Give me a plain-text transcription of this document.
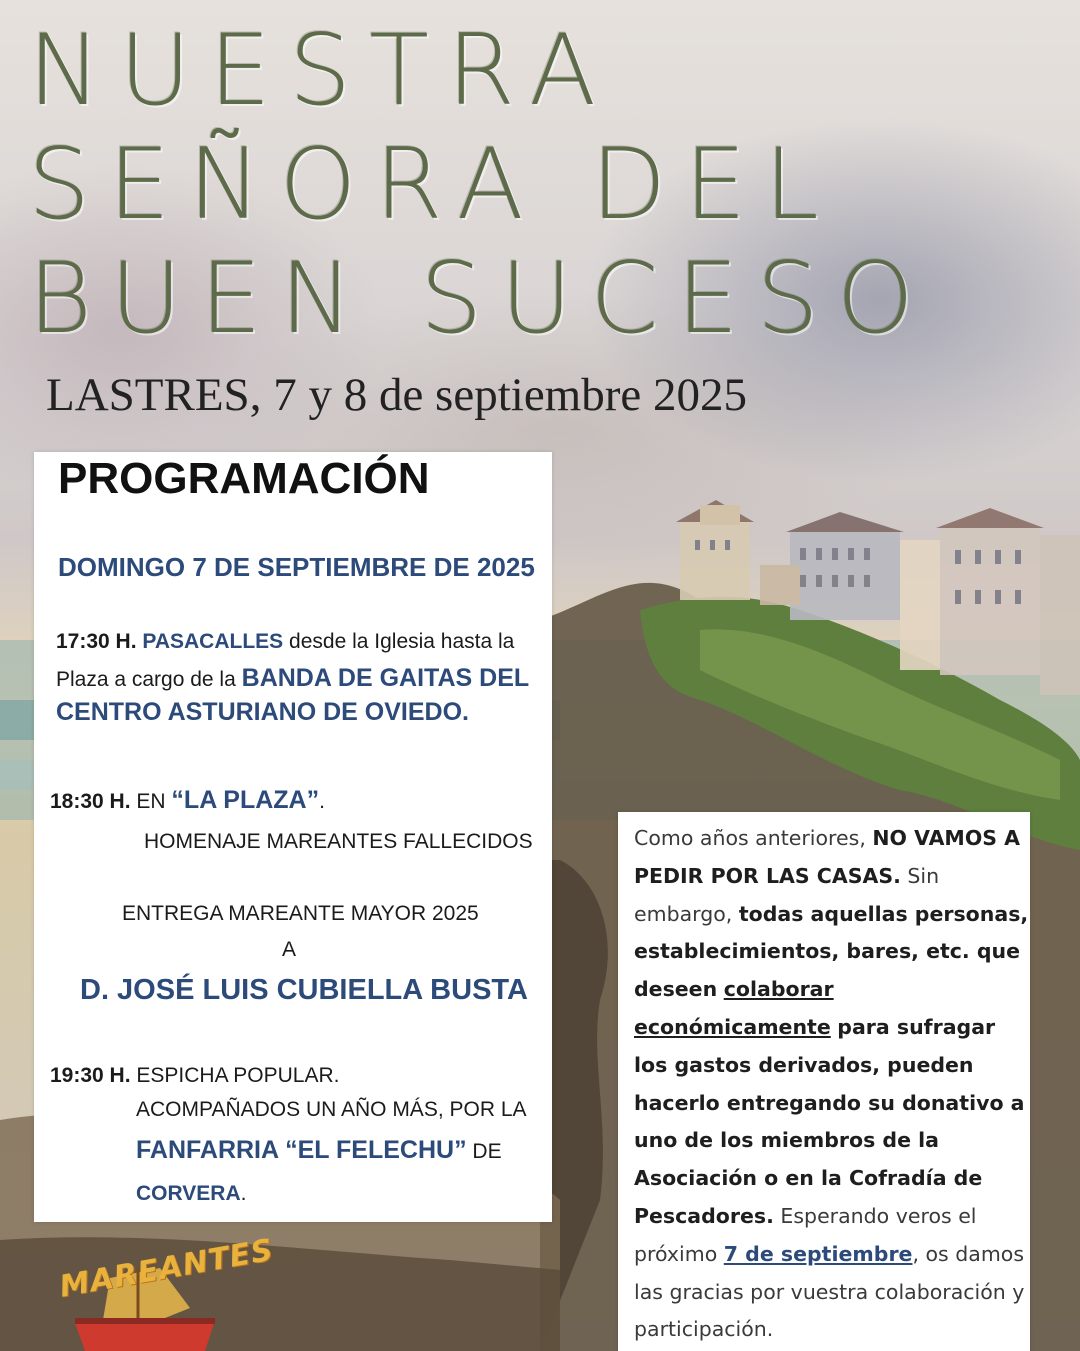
NUESTRA
SEÑORA DEL
BUEN SUCESO

LASTRES, 7 y 8 de septiembre 2025

PROGRAMACIÓN
DOMINGO 7 DE SEPTIEMBRE DE 2025

17:30 H. PASACALLES desde la Iglesia hasta la

Plaza a cargo de la BANDA DE GAITAS DEL

CENTRO ASTURIANO DE OVIEDO.

18:30 H. EN “LA PLAZA”.

HOMENAJE MAREANTES FALLECIDOS

ENTREGA MAREANTE MAYOR 2025

A

D. JOSÉ LUIS CUBIELLA BUSTA

19:30 H. ESPICHA POPULAR.

ACOMPAÑADOS UN AÑO MÁS, POR LA

FANFARRIA “EL FELECHU” DE

CORVERA.

Como años anteriores, NO VAMOS A PEDIR POR LAS CASAS. Sin embargo, todas aquellas personas, establecimientos, bares, etc. que deseen colaborar económicamente para sufragar los gastos derivados, pueden hacerlo entregando su donativo a uno de los miembros de la Asociación o en la Cofradía de Pescadores. Esperando veros el próximo 7 de septiembre, os damos las gracias por vuestra colaboración y participación.

MAREANTES
